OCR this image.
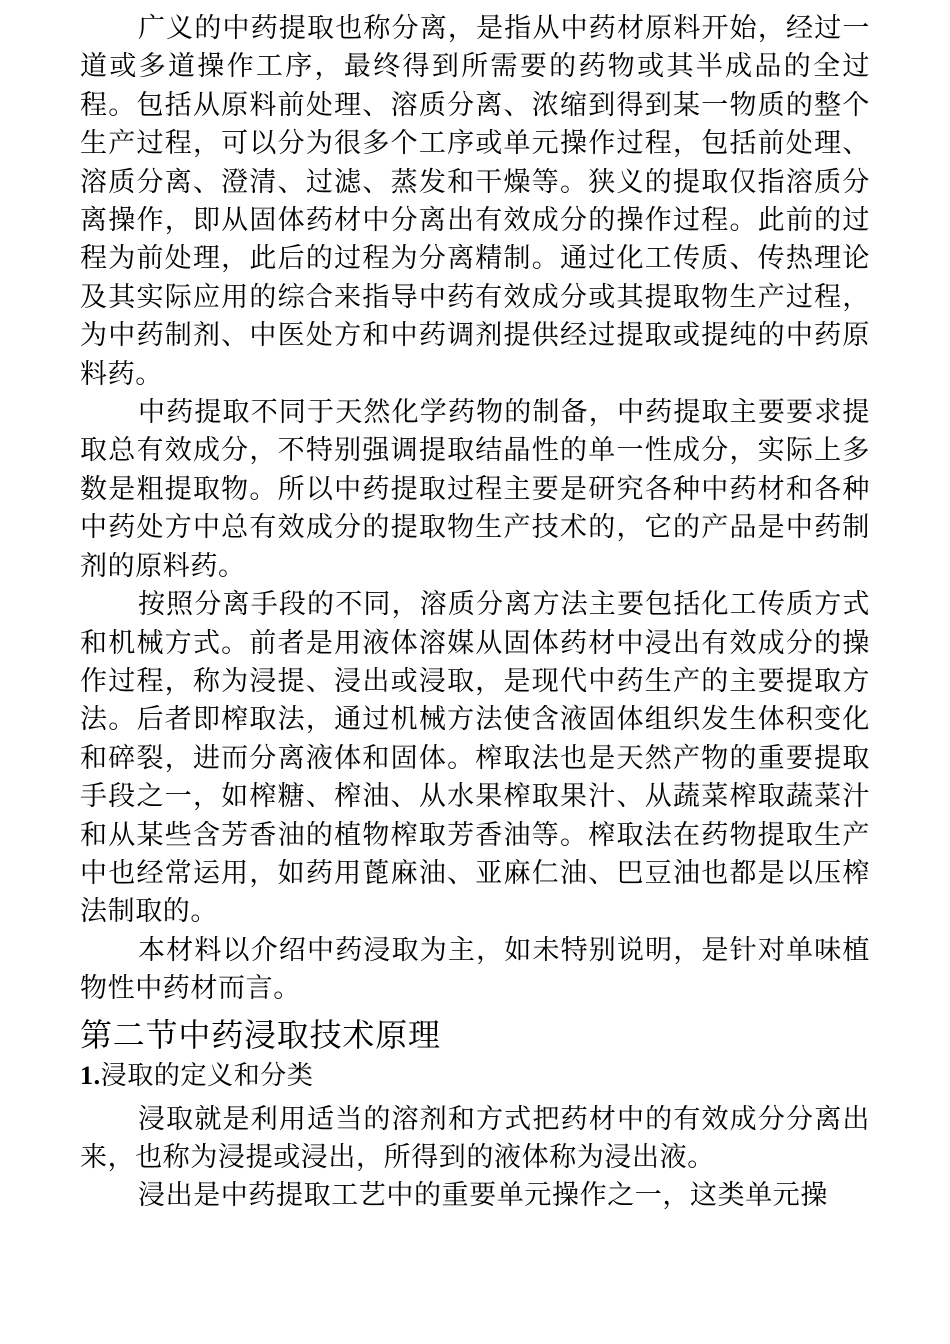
广义的中药提取也称分离，是指从中药材原料开始，经过一道或多道操作工序，最终得到所需要的药物或其半成品的全过程。包括从原料前处理、溶质分离、浓缩到得到某一物质的整个生产过程，可以分为很多个工序或单元操作过程，包括前处理、溶质分离、澄清、过滤、蒸发和干燥等。狭义的提取仅指溶质分离操作，即从固体药材中分离出有效成分的操作过程。此前的过程为前处理，此后的过程为分离精制。通过化工传质、传热理论及其实际应用的综合来指导中药有效成分或其提取物生产过程，为中药制剂、中医处方和中药调剂提供经过提取或提纯的中药原料药。

中药提取不同于天然化学药物的制备，中药提取主要要求提取总有效成分，不特别强调提取结晶性的单一性成分，实际上多数是粗提取物。所以中药提取过程主要是研究各种中药材和各种中药处方中总有效成分的提取物生产技术的，它的产品是中药制剂的原料药。

按照分离手段的不同，溶质分离方法主要包括化工传质方式和机械方式。前者是用液体溶媒从固体药材中浸出有效成分的操作过程，称为浸提、浸出或浸取，是现代中药生产的主要提取方法。后者即榨取法，通过机械方法使含液固体组织发生体积变化和碎裂，进而分离液体和固体。榨取法也是天然产物的重要提取手段之一，如榨糖、榨油、从水果榨取果汁、从蔬菜榨取蔬菜汁和从某些含芳香油的植物榨取芳香油等。榨取法在药物提取生产中也经常运用，如药用蓖麻油、亚麻仁油、巴豆油也都是以压榨法制取的。

本材料以介绍中药浸取为主，如未特别说明，是针对单味植物性中药材而言。

第二节中药浸取技术原理
1.浸取的定义和分类

浸取就是利用适当的溶剂和方式把药材中的有效成分分离出来，也称为浸提或浸出，所得到的液体称为浸出液。

浸出是中药提取工艺中的重要单元操作之一，这类单元操
